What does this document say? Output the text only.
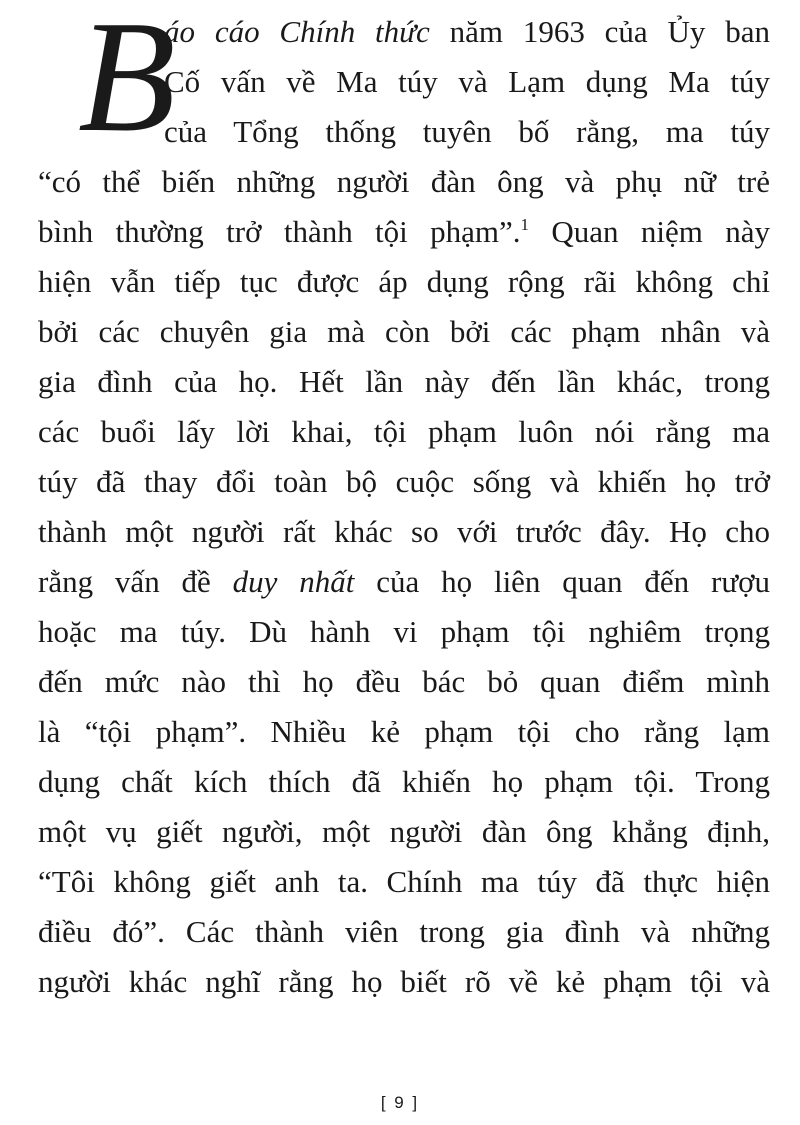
B
áo cáo Chính thức năm 1963 của Ủy ban
Cố vấn về Ma túy và Lạm dụng Ma túy
của Tổng thống tuyên bố rằng, ma túy
“có thể biến những người đàn ông và phụ nữ trẻ
bình thường trở thành tội phạm”.$^1$ Quan niệm này
hiện vẫn tiếp tục được áp dụng rộng rãi không chỉ
bởi các chuyên gia mà còn bởi các phạm nhân và
gia đình của họ. Hết lần này đến lần khác, trong
các buổi lấy lời khai, tội phạm luôn nói rằng ma
túy đã thay đổi toàn bộ cuộc sống và khiến họ trở
thành một người rất khác so với trước đây. Họ cho
rằng vấn đề duy nhất của họ liên quan đến rượu
hoặc ma túy. Dù hành vi phạm tội nghiêm trọng
đến mức nào thì họ đều bác bỏ quan điểm mình
là “tội phạm”. Nhiều kẻ phạm tội cho rằng lạm
dụng chất kích thích đã khiến họ phạm tội. Trong
một vụ giết người, một người đàn ông khẳng định,
“Tôi không giết anh ta. Chính ma túy đã thực hiện
điều đó”. Các thành viên trong gia đình và những
người khác nghĩ rằng họ biết rõ về kẻ phạm tội và
[ 9 ]
